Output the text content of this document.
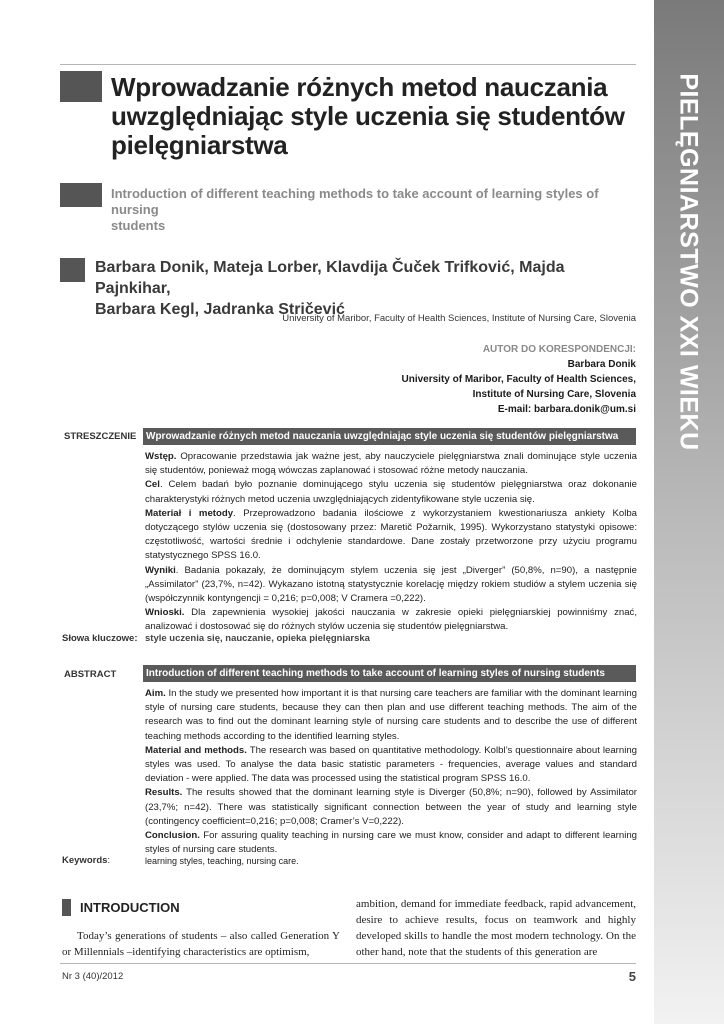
PIELĘGNIARSTWO XXI WIEKU
Wprowadzanie różnych metod nauczania
uwzględniając style uczenia się studentów
pielęgniarstwa
Introduction of different teaching methods to take account of learning styles of nursing
students
Barbara Donik, Mateja Lorber, Klavdija Čuček Trifković, Majda Pajnkihar,
Barbara Kegl, Jadranka Stričević
University of Maribor, Faculty of Health Sciences, Institute of Nursing Care, Slovenia
AUTOR DO KORESPONDENCJI:
Barbara Donik
University of Maribor, Faculty of Health Sciences,
Institute of Nursing Care, Slovenia
E-mail: barbara.donik@um.si
STRESZCZENIE Wprowadzanie różnych metod nauczania uwzględniając style uczenia się studentów pielęgniarstwa

Wstęp. Opracowanie przedstawia jak ważne jest, aby nauczyciele pielęgniarstwa znali dominujące style uczenia się studentów, ponieważ mogą wówczas zaplanować i stosować różne metody nauczania.

Cel. Celem badań było poznanie dominującego stylu uczenia się studentów pielęgniarstwa oraz dokonanie charakterystyki różnych metod uczenia uwzględniających zidentyfikowane style uczenia się.

Materiał i metody. Przeprowadzono badania ilościowe z wykorzystaniem kwestionariusza ankiety Kolba dotyczącego stylów uczenia się (dostosowany przez: Maretič Požarnik, 1995). Wykorzystano statystyki opisowe: częstotliwość, wartości średnie i odchylenie standardowe. Dane zostały przetworzone przy użyciu programu statystycznego SPSS 16.0.

Wyniki. Badania pokazały, że dominującym stylem uczenia się jest „Diverger” (50,8%, n=90), a następnie „Assimilator” (23,7%, n=42). Wykazano istotną statystycznie korelację między rokiem studiów a stylem uczenia się (współczynnik kontyngencji = 0,216; p=0,008; V Cramera =0,222).

Wnioski. Dla zapewnienia wysokiej jakości nauczania w zakresie opieki pielęgniarskiej powinniśmy znać, analizować i dostosować się do różnych stylów uczenia się studentów pielęgniarstwa.

Słowa kluczowe: style uczenia się, nauczanie, opieka pielęgniarska
ABSTRACT	Introduction of different teaching methods to take account of learning styles of nursing students

Aim. In the study we presented how important it is that nursing care teachers are familiar with the dominant learning style of nursing care students, because they can then plan and use different teaching methods. The aim of the research was to find out the dominant learning style of nursing care students and to describe the use of different teaching methods according to the identified learning styles.

Material and methods. The research was based on quantitative methodology. Kolbl’s questionnaire about learning styles was used. To analyse the data basic statistic parameters - frequencies, average values and standard deviation - were applied. The data was processed using the statistical program SPSS 16.0.

Results. The results showed that the dominant learning style is Diverger (50,8%; n=90), followed by Assimilator (23,7%; n=42). There was statistically significant connection between the year of study and learning style (contingency coefficient=0,216; p=0,008; Cramer’s V=0,222).

Conclusion. For assuring quality teaching in nursing care we must know, consider and adapt to different learning styles of nursing care students.

Keywords:	learning styles, teaching, nursing care.
INTRODUCTION
Today’s generations of students – also called Generation Y or Millennials –identifying characteristics are optimism,
ambition, demand for immediate feedback, rapid advancement, desire to achieve results, focus on teamwork and highly developed skills to handle the most modern technology. On the other hand, note that the students of this generation are
Nr 3 (40)/2012	5
